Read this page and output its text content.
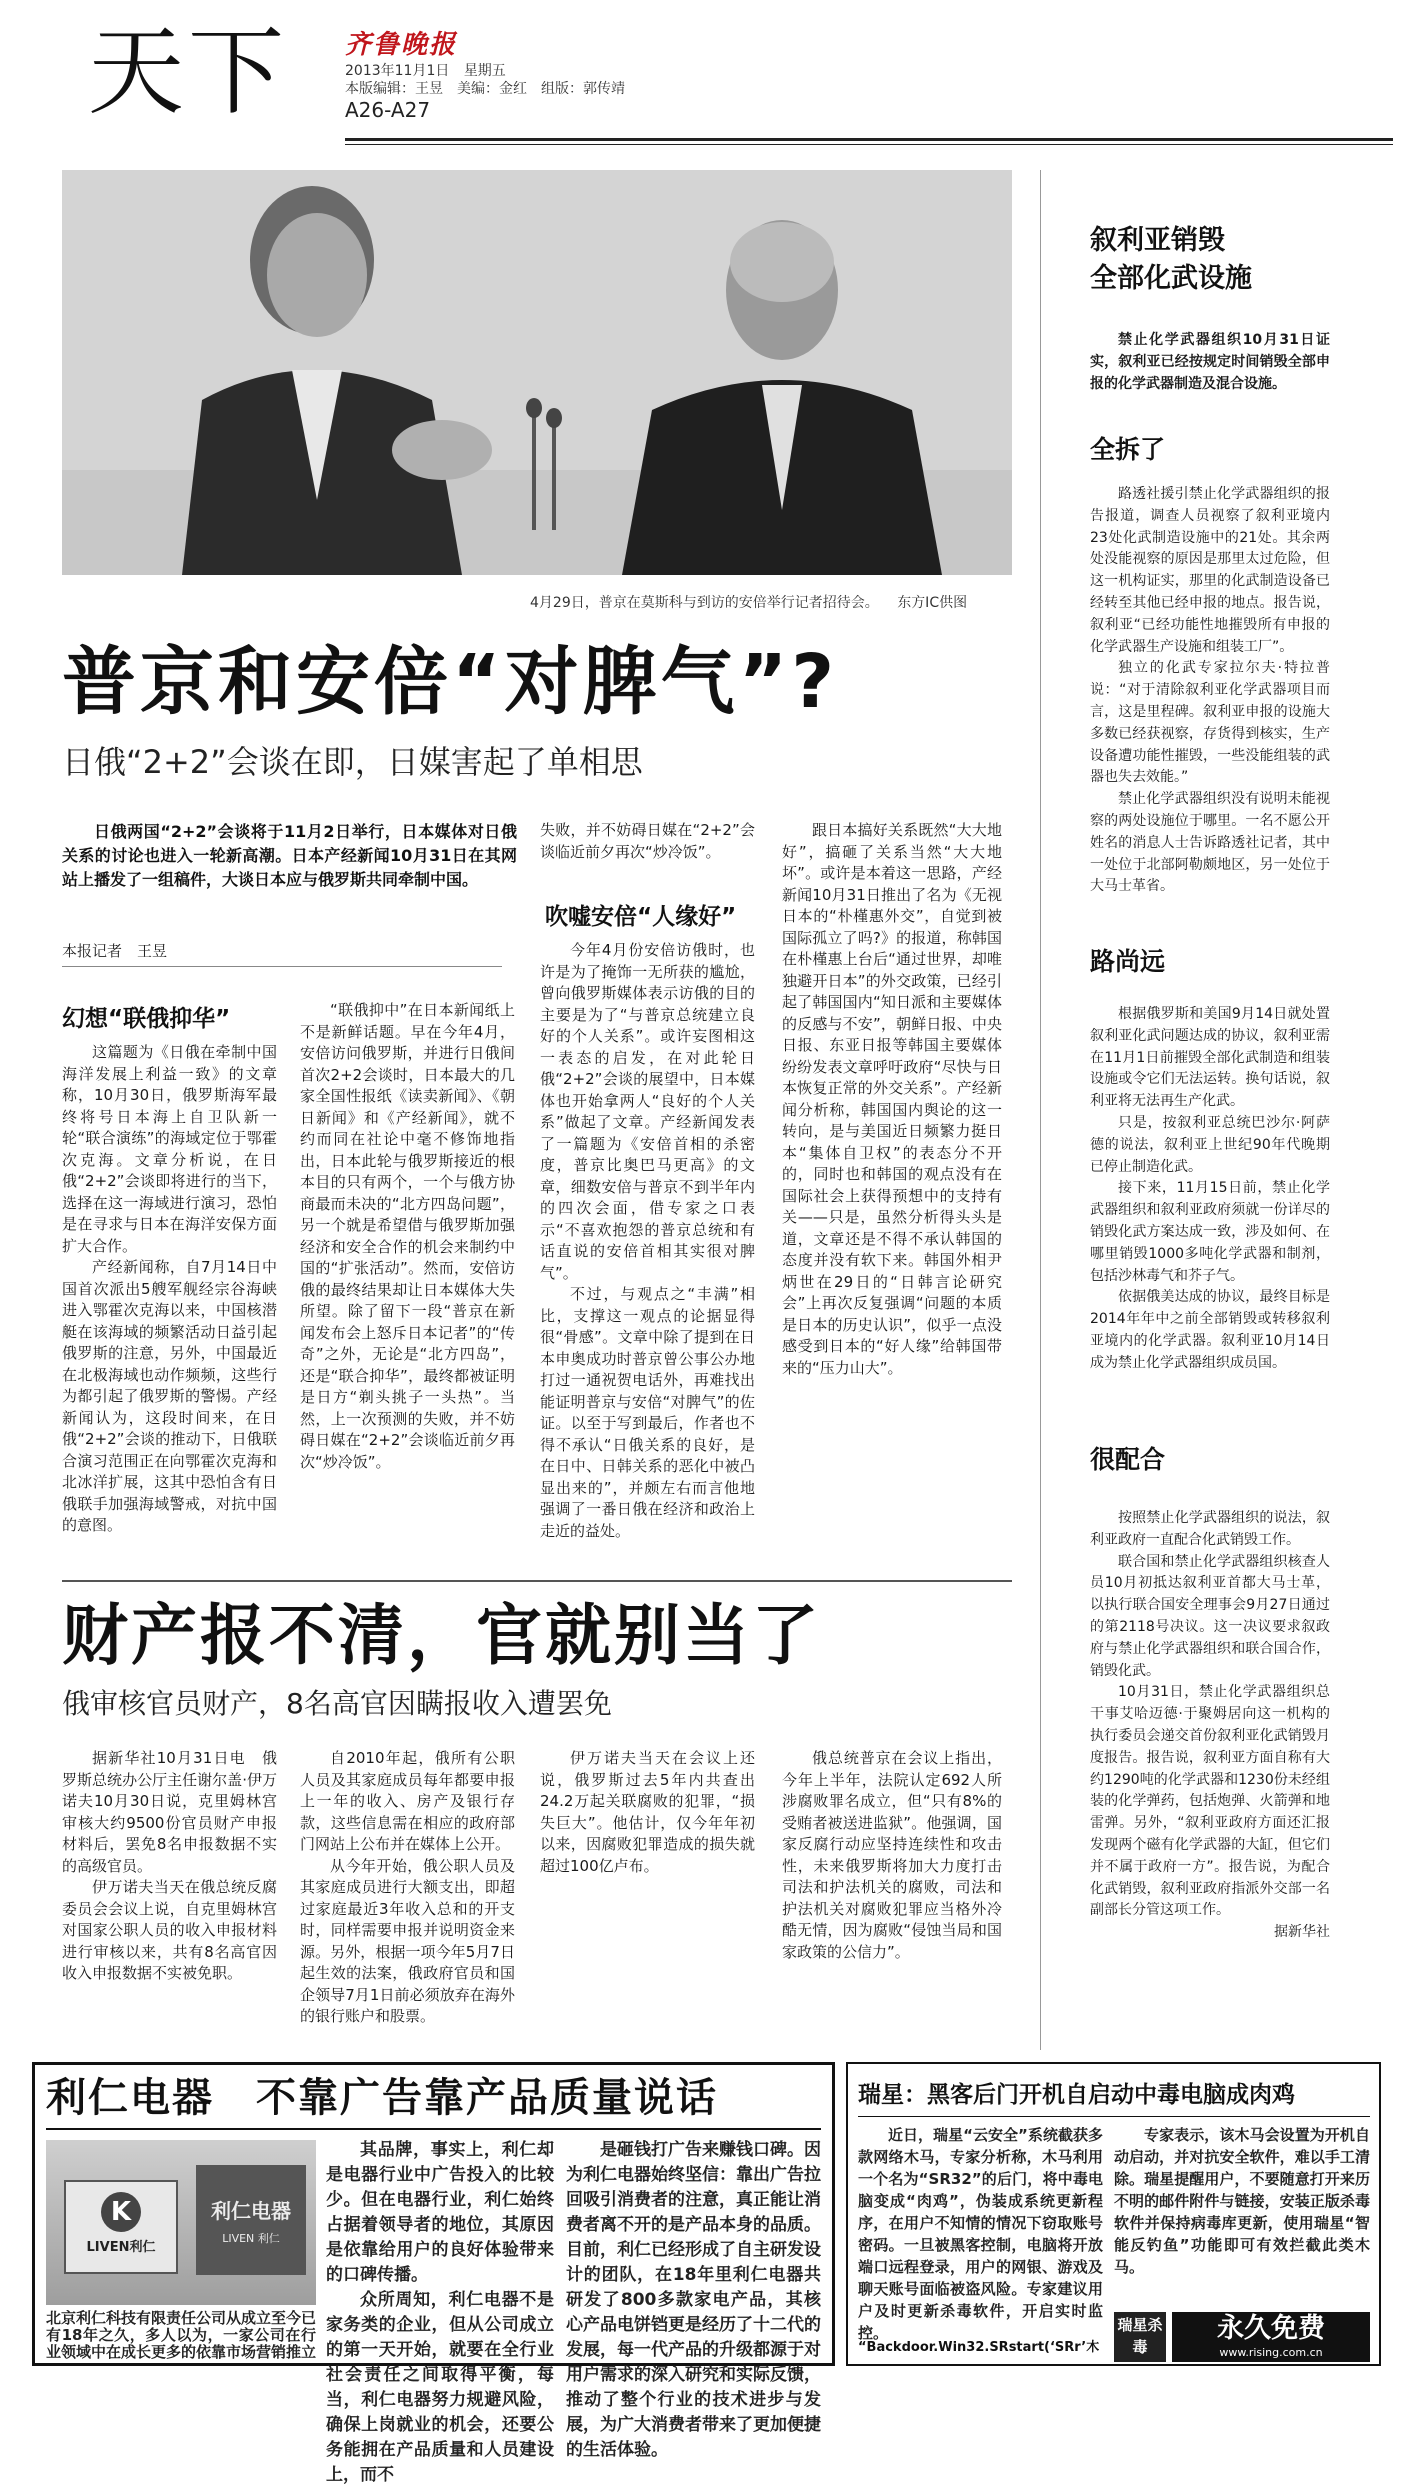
天下 齐鲁晚报
2013年11月1日 星期五
本版编辑：王昱　美编：金红　组版：郭传靖
A26-A27
4月29日，普京在莫斯科与到访的安倍举行记者招待会。 东方IC供图
普京和安倍“对脾气”?
日俄“2+2”会谈在即，日媒害起了单相思
日俄两国“2+2”会谈将于11月2日举行，日本媒体对日俄关系的讨论也进入一轮新高潮。日本产经新闻10月31日在其网站上播发了一组稿件，大谈日本应与俄罗斯共同牵制中国。
本报记者　王昱
幻想“联俄抑华”

这篇题为《日俄在牵制中国海洋发展上利益一致》的文章称，10月30日，俄罗斯海军最终将号日本海上自卫队新一轮“联合演练”的海域定位于鄂霍次克海。文章分析说，在日俄“2+2”会谈即将进行的当下，选择在这一海域进行演习，恐怕是在寻求与日本在海洋安保方面扩大合作。

产经新闻称，自7月14日中国首次派出5艘军舰经宗谷海峡进入鄂霍次克海以来，中国核潜艇在该海域的频繁活动日益引起俄罗斯的注意，另外，中国最近在北极海域也动作频频，这些行为都引起了俄罗斯的警惕。产经新闻认为，这段时间来，在日俄“2+2”会谈的推动下，日俄联合演习范围正在向鄂霍次克海和北冰洋扩展，这其中恐怕含有日俄联手加强海域警戒，对抗中国的意图。

“联俄抑中”在日本新闻纸上不是新鲜话题。早在今年4月，安倍访问俄罗斯，并进行日俄间首次2+2会谈时，日本最大的几家全国性报纸《读卖新闻》、《朝日新闻》和《产经新闻》，就不约而同在社论中毫不修饰地指出，日本此轮与俄罗斯接近的根本目的只有两个，一个与俄方协商最而未决的“北方四岛问题”，另一个就是希望借与俄罗斯加强经济和安全合作的机会来制约中国的“扩张活动”。然而，安倍访俄的最终结果却让日本媒体大失所望。除了留下一段“普京在新闻发布会上怒斥日本记者”的“传奇”之外，无论是“北方四岛”，还是“联合抑华”，最终都被证明是日方“剃头挑子一头热”。当然，上一次预测的失败，并不妨碍日媒在“2+2”会谈临近前夕再次“炒冷饭”。

失败，并不妨碍日媒在“2+2”会谈临近前夕再次“炒冷饭”。

吹嘘安倍“人缘好”

今年4月份安倍访俄时，也许是为了掩饰一无所获的尴尬，曾向俄罗斯媒体表示访俄的目的主要是为了“与普京总统建立良好的个人关系”。或许妄图相这一表态的启发，在对此轮日俄“2+2”会谈的展望中，日本媒体也开始拿两人“良好的个人关系”做起了文章。产经新闻发表了一篇题为《安倍首相的杀密度，普京比奥巴马更高》的文章，细数安倍与普京不到半年内的四次会面，借专家之口表示“不喜欢抱怨的普京总统和有话直说的安倍首相其实很对脾气”。

不过，与观点之“丰满”相比，支撑这一观点的论据显得很“骨感”。文章中除了提到在日本申奥成功时普京曾公事公办地打过一通祝贺电话外，再难找出能证明普京与安倍“对脾气”的佐证。以至于写到最后，作者也不得不承认“日俄关系的良好，是在日中、日韩关系的恶化中被凸显出来的”，并颇左右而言他地强调了一番日俄在经济和政治上走近的益处。

跟日本搞好关系既然“大大地好”，搞砸了关系当然“大大地坏”。或许是本着这一思路，产经新闻10月31日推出了名为《无视日本的“朴槿惠外交”，自觉到被国际孤立了吗?》的报道，称韩国在朴槿惠上台后“通过世界，却唯独避开日本”的外交政策，已经引起了韩国国内“知日派和主要媒体的反感与不安”，朝鲜日报、中央日报、东亚日报等韩国主要媒体纷纷发表文章呼吁政府“尽快与日本恢复正常的外交关系”。产经新闻分析称，韩国国内舆论的这一转向，是与美国近日频繁力挺日本“集体自卫权”的表态分不开的，同时也和韩国的观点没有在国际社会上获得预想中的支持有关——只是，虽然分析得头头是道，文章还是不得不承认韩国的态度并没有软下来。韩国外相尹炳世在29日的“日韩言论研究会”上再次反复强调“问题的本质是日本的历史认识”，似乎一点没感受到日本的“好人缘”给韩国带来的“压力山大”。

财产报不清，官就别当了
俄审核官员财产，8名高官因瞒报收入遭罢免

据新华社10月31日电　俄罗斯总统办公厅主任谢尔盖·伊万诺夫10月30日说，克里姆林宫审核大约9500份官员财产申报材料后，罢免8名申报数据不实的高级官员。

伊万诺夫当天在俄总统反腐委员会会议上说，自克里姆林宫对国家公职人员的收入申报材料进行审核以来，共有8名高官因收入申报数据不实被免职。

自2010年起，俄所有公职人员及其家庭成员每年都要申报上一年的收入、房产及银行存款，这些信息需在相应的政府部门网站上公布并在媒体上公开。

从今年开始，俄公职人员及其家庭成员进行大额支出，即超过家庭最近3年收入总和的开支时，同样需要申报并说明资金来源。另外，根据一项今年5月7日起生效的法案，俄政府官员和国企领导7月1日前必须放弃在海外的银行账户和股票。

伊万诺夫当天在会议上还说，俄罗斯过去5年内共查出24.2万起关联腐败的犯罪，“损失巨大”。他估计，仅今年年初以来，因腐败犯罪造成的损失就超过100亿卢布。

俄总统普京在会议上指出，今年上半年，法院认定692人所涉腐败罪名成立，但“只有8%的受贿者被送进监狱”。他强调，国家反腐行动应坚持连续性和攻击性，未来俄罗斯将加大力度打击司法和护法机关的腐败，司法和护法机关对腐败犯罪应当格外冷酷无情，因为腐败“侵蚀当局和国家政策的公信力”。

叙利亚销毁
全部化武设施

禁止化学武器组织10月31日证实，叙利亚已经按规定时间销毁全部申报的化学武器制造及混合设施。

全拆了

路透社援引禁止化学武器组织的报告报道，调查人员视察了叙利亚境内23处化武制造设施中的21处。其余两处没能视察的原因是那里太过危险，但这一机构证实，那里的化武制造设备已经转至其他已经申报的地点。报告说，叙利亚“已经功能性地摧毁所有申报的化学武器生产设施和组装工厂”。

独立的化武专家拉尔夫·特拉普说：“对于清除叙利亚化学武器项目而言，这是里程碑。叙利亚申报的设施大多数已经获视察，存货得到核实，生产设备遭功能性摧毁，一些没能组装的武器也失去效能。”

禁止化学武器组织没有说明未能视察的两处设施位于哪里。一名不愿公开姓名的消息人士告诉路透社记者，其中一处位于北部阿勒颇地区，另一处位于大马士革省。

路尚远

根据俄罗斯和美国9月14日就处置叙利亚化武问题达成的协议，叙利亚需在11月1日前摧毁全部化武制造和组装设施或令它们无法运转。换句话说，叙利亚将无法再生产化武。

只是，按叙利亚总统巴沙尔·阿萨德的说法，叙利亚上世纪90年代晚期已停止制造化武。

接下来，11月15日前，禁止化学武器组织和叙利亚政府须就一份详尽的销毁化武方案达成一致，涉及如何、在哪里销毁1000多吨化学武器和制剂，包括沙林毒气和芥子气。

依据俄美达成的协议，最终目标是2014年年中之前全部销毁或转移叙利亚境内的化学武器。叙利亚10月14日成为禁止化学武器组织成员国。

很配合

按照禁止化学武器组织的说法，叙利亚政府一直配合化武销毁工作。

联合国和禁止化学武器组织核查人员10月初抵达叙利亚首都大马士革，以执行联合国安全理事会9月27日通过的第2118号决议。这一决议要求叙政府与禁止化学武器组织和联合国合作，销毁化武。

10月31日，禁止化学武器组织总干事艾哈迈德·于聚姆居向这一机构的执行委员会递交首份叙利亚化武销毁月度报告。报告说，叙利亚方面自称有大约1290吨的化学武器和1230份未经组装的化学弹药，包括炮弹、火箭弹和地雷弹。另外，“叙利亚政府方面还汇报发现两个磁有化学武器的大缸，但它们并不属于政府一方”。报告说，为配合化武销毁，叙利亚政府指派外交部一名副部长分管这项工作。

据新华社

利仁电器　不靠广告靠产品质量说话
K
LIVEN利仁
利仁电器
LIVEN 利仁
北京利仁科技有限责任公司从成立至今已有18年之久，多人以为，一家公司在行业领域中在成长更多的依靠市场营销推立

其品牌，事实上，利仁却是电器行业中广告投入的比较少。但在电器行业，利仁始终占据着领导者的地位，其原因是依靠给用户的良好体验带来的口碑传播。

众所周知，利仁电器不是家务类的企业，但从公司成立的第一天开始，就要在全行业社会责任之间取得平衡，每当，利仁电器努力规避风险，确保上岗就业的机会，还要公务能拥在产品质量和人员建设上，而不

是砸钱打广告来赚钱口碑。因为利仁电器始终坚信：靠出广告拉回吸引消费者的注意，真正能让消费者离不开的是产品本身的品质。目前，利仁已经形成了自主研发设计的团队，在18年里利仁电器共研发了800多款家电产品，其核心产品电饼铛更是经历了十二代的发展，每一代产品的升级都源于对用户需求的深入研究和实际反馈，推动了整个行业的技术进步与发展，为广大消费者带来了更加便捷的生活体验。

瑞星：黑客后门开机自启动中毒电脑成肉鸡

近日，瑞星“云安全”系统截获多款网络木马，专家分析称，木马利用一个名为“SR32”的后门，将中毒电脑变成“肉鸡”，伪装成系统更新程序，在用户不知情的情况下窃取账号密码。一旦被黑客控制，电脑将开放端口远程登录，用户的网银、游戏及聊天账号面临被盗风险。专家建议用户及时更新杀毒软件，开启实时监控。

“Backdoor.Win32.SRstart(‘SRr’木

专家表示，该木马会设置为开机自动启动，并对抗安全软件，难以手工清除。瑞星提醒用户，不要随意打开来历不明的邮件附件与链接，安装正版杀毒软件并保持病毒库更新，使用瑞星“智能反钓鱼”功能即可有效拦截此类木马。

瑞星杀毒
永久免费
www.rising.com.cn
